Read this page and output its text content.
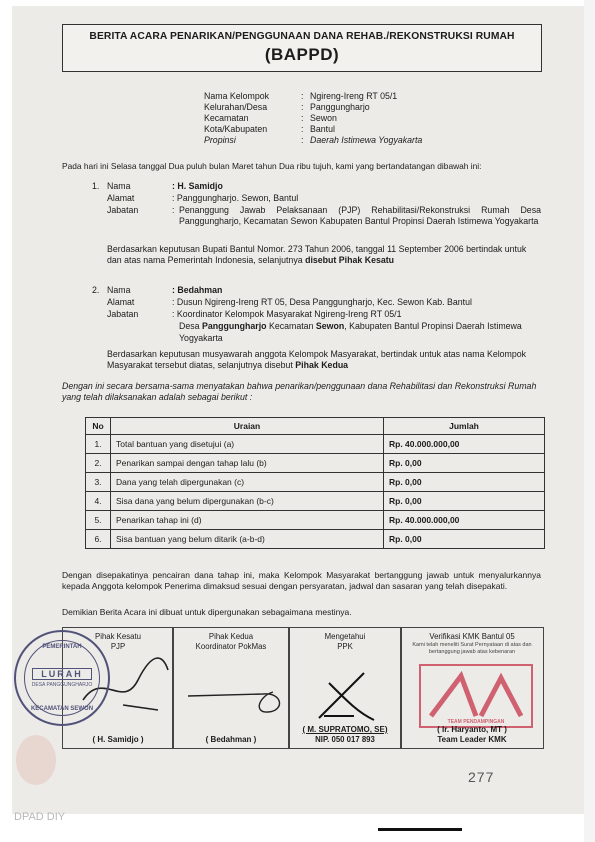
BERITA ACARA PENARIKAN/PENGGUNAAN DANA REHAB./REKONSTRUKSI RUMAH
(BAPPD)
Nama Kelompok	: Ngireng-Ireng RT 05/1
Kelurahan/Desa	: Panggungharjo
Kecamatan	: Sewon
Kota/Kabupaten	: Bantul
Propinsi	: Daerah Istimewa Yogyakarta
Pada hari ini Selasa tanggal Dua puluh bulan Maret tahun Dua ribu tujuh, kami yang bertandatangan dibawah ini:
1. Nama	: H. Samidjo
Alamat	: Panggungharjo. Sewon, Bantul
Jabatan	: Penanggung Jawab Pelaksanaan (PJP) Rehabilitasi/Rekonstruksi Rumah Desa Panggungharjo, Kecamatan Sewon Kabupaten Bantul Propinsi Daerah Istimewa Yogyakarta
Berdasarkan keputusan Bupati Bantul Nomor. 273 Tahun 2006, tanggal 11 September 2006 bertindak untuk dan atas nama Pemerintah Indonesia, selanjutnya disebut Pihak Kesatu
2. Nama	: Bedahman
Alamat	: Dusun Ngireng-Ireng RT 05, Desa Panggungharjo, Kec. Sewon Kab. Bantul
Jabatan	: Koordinator Kelompok Masyarakat Ngireng-Ireng RT 05/1
Desa Panggungharjo Kecamatan Sewon, Kabupaten Bantul Propinsi Daerah Istimewa
Yogyakarta
Berdasarkan keputusan musyawarah anggota Kelompok Masyarakat, bertindak untuk atas nama Kelompok Masyarakat tersebut diatas, selanjutnya disebut Pihak Kedua
Dengan ini secara bersama-sama menyatakan bahwa penarikan/penggunaan dana Rehabilitasi dan Rekonstruksi Rumah yang telah dilaksanakan adalah sebagai berikut :
No	Uraian	Jumlah
1.	Total bantuan yang disetujui (a)	Rp. 40.000.000,00
2.	Penarikan sampai dengan tahap lalu (b)	Rp. 0,00
3.	Dana yang telah dipergunakan (c)	Rp. 0,00
4.	Sisa dana yang belum dipergunakan (b-c)	Rp. 0,00
5.	Penarikan tahap ini (d)	Rp. 40.000.000,00
6.	Sisa bantuan yang belum ditarik (a-b-d)	Rp. 0,00
Dengan disepakatinya pencairan dana tahap ini, maka Kelompok Masyarakat bertanggung jawab untuk menyalurkannya kepada Anggota kelompok Penerima dimaksud sesuai dengan persyaratan, jadwal dan sasaran yang telah disepakati.
Demikian Berita Acara ini dibuat untuk dipergunakan sebagaimana mestinya.
Pihak Kesatu
PJP
( H. Samidjo )
Pihak Kedua
Koordinator PokMas
( Bedahman )
Mengetahui
PPK
( M. SUPRATOMO, SE)
NIP. 050 017 893
Verifikasi KMK Bantul 05
Kami telah meneliti Surat Pernyataan di atas dan bertanggung jawab atas kebenaran
TEAM PENDAMPINGAN
( Ir. Haryanto, MT )
Team Leader KMK
PEMERINTAH
LURAH
DESA PANGGUNGHARJO
KECAMATAN SEWON
277
DPAD DIY
